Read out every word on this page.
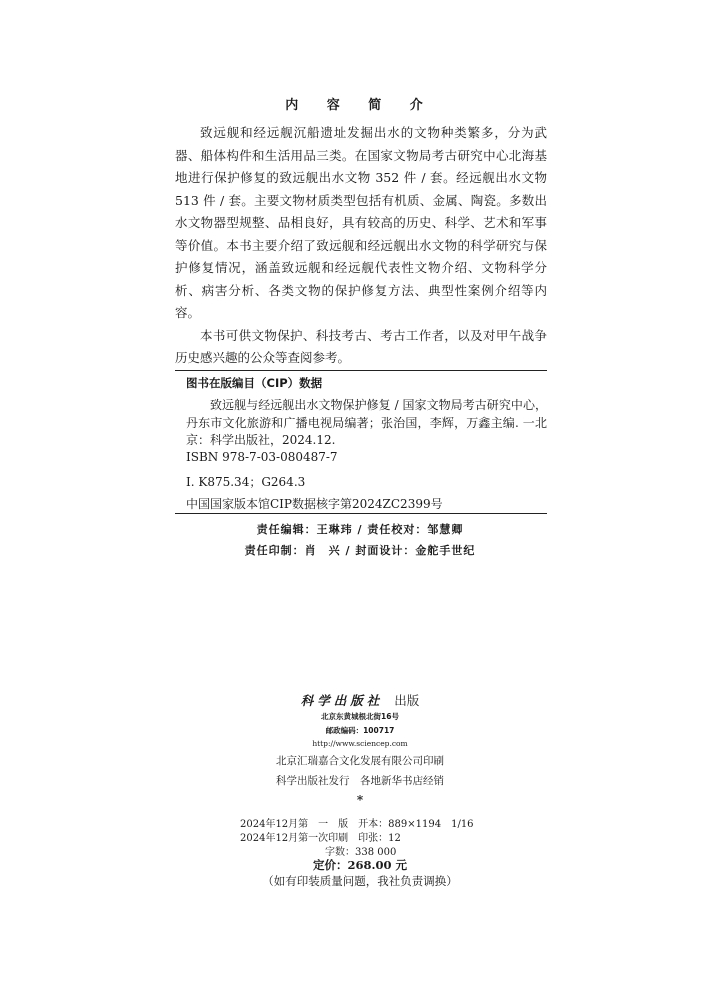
内 容 简 介

致远舰和经远舰沉船遗址发掘出水的文物种类繁多，分为武器、船体构件和生活用品三类。在国家文物局考古研究中心北海基地进行保护修复的致远舰出水文物 352 件 / 套。经远舰出水文物 513 件 / 套。主要文物材质类型包括有机质、金属、陶瓷。多数出水文物器型规整、品相良好，具有较高的历史、科学、艺术和军事等价值。本书主要介绍了致远舰和经远舰出水文物的科学研究与保护修复情况，涵盖致远舰和经远舰代表性文物介绍、文物科学分析、病害分析、各类文物的保护修复方法、典型性案例介绍等内容。

本书可供文物保护、科技考古、考古工作者，以及对甲午战争历史感兴趣的公众等查阅参考。

图书在版编目（CIP）数据

致远舰与经远舰出水文物保护修复 / 国家文物局考古研究中心，丹东市文化旅游和广播电视局编著；张治国，李辉，万鑫主编. 一北京：科学出版社，2024.12.

ISBN 978-7-03-080487-7
Ⅰ. K875.34；G264.3
中国国家版本馆CIP数据核字第2024ZC2399号
责任编辑：王琳玮 / 责任校对：邹慧卿
责任印制：肖　兴 / 封面设计：金舵手世纪
科学出版社 出版
北京东黄城根北街16号
邮政编码：100717
http://www.sciencep.com
北京汇瑞嘉合文化发展有限公司印刷
科学出版社发行　各地新华书店经销
*
2024年12月第　一　版　开本：889×1194　1/16
2024年12月第一次印刷　印张：12
字数：338 000
定价：268.00 元
（如有印装质量问题，我社负责调换）
